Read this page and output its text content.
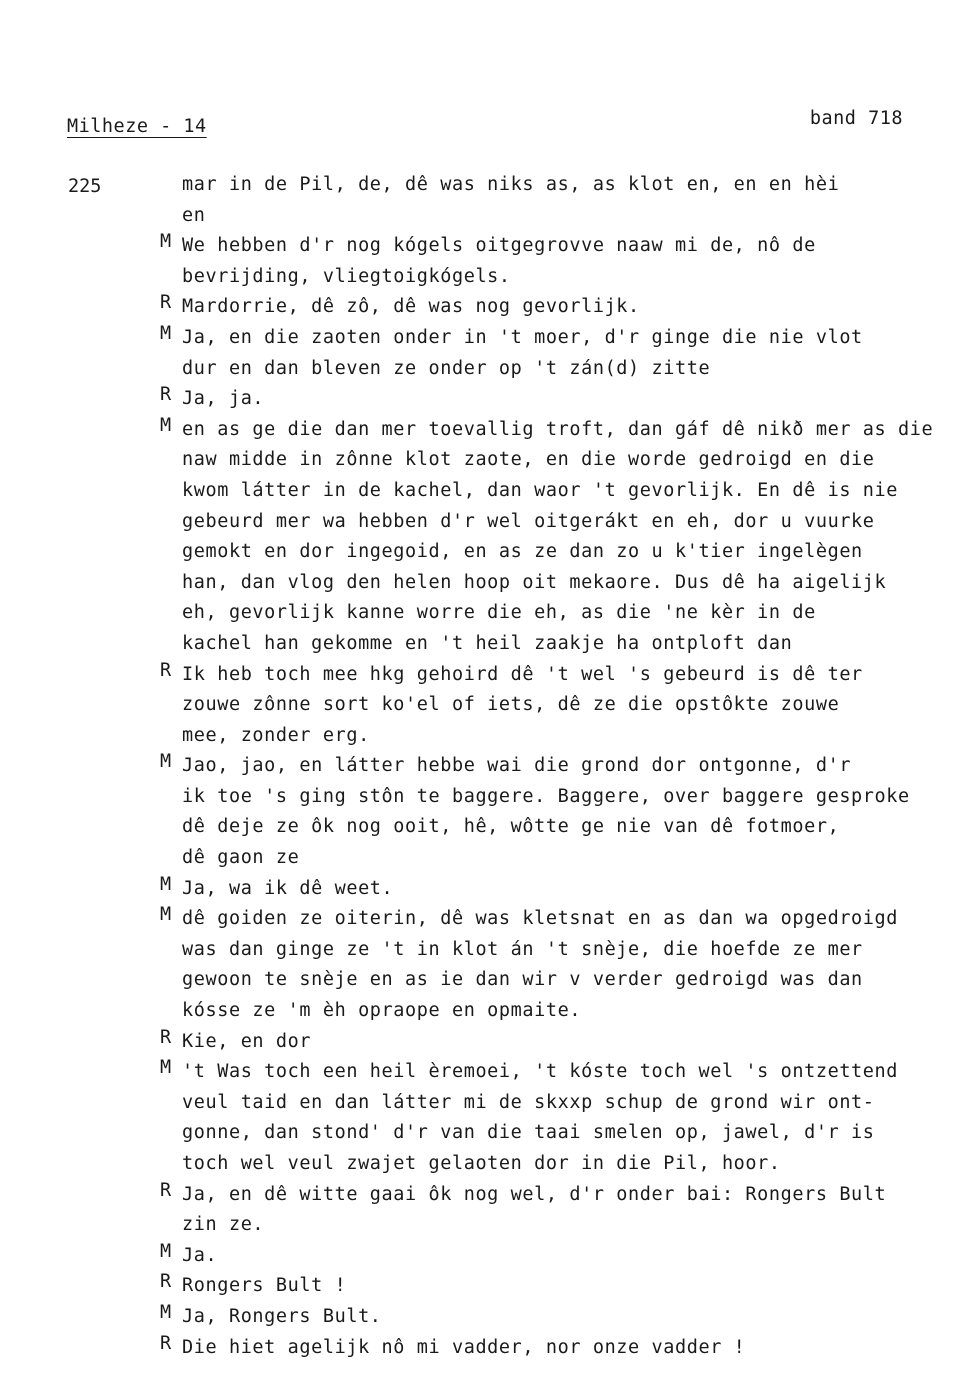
Milheze - 14	band 718
225	mar in de Pil, de, dê was niks as, as klot en, en en hèi
en
M We hebben d'r nog kógels oitgegrovve naaw mi de, nô de
bevrijding, vliegtoigkógels.
R Mardorrie, dê zô, dê was nog gevorlijk.
M Ja, en die zaoten onder in 't moer, d'r ginge die nie vlot
dur en dan bleven ze onder op 't zán(d) zitte
R Ja, ja.
M en as ge die dan mer toevallig troft, dan gáf dê nikð mer as die
naw midde in zônne klot zaote, en die worde gedroigd en die
kwom látter in de kachel, dan waor 't gevorlijk. En dê is nie
gebeurd mer wa hebben d'r wel oitgerákt en eh, dor u vuurke
gemokt en dor ingegoid, en as ze dan zo u k'tier ingelègen
han, dan vlog den helen hoop oit mekaore. Dus dê ha aigelijk
eh, gevorlijk kanne worre die eh, as die 'ne kèr in de
kachel han gekomme en 't heil zaakje ha ontploft dan
R Ik heb toch mee hkg gehoird dê 't wel 's gebeurd is dê ter
zouwe zônne sort ko'el of iets, dê ze die opstôkte zouwe
mee, zonder erg.
M Jao, jao, en látter hebbe wai die grond dor ontgonne, d'r
ik toe 's ging stôn te baggere. Baggere, over baggere gesproke
dê deje ze ôk nog ooit, hê, wôtte ge nie van dê fotmoer,
dê gaon ze
M Ja, wa ik dê weet.
M dê goiden ze oiterin, dê was kletsnat en as dan wa opgedroigd
was dan ginge ze 't in klot án 't snèje, die hoefde ze mer
gewoon te snèje en as ie dan wir v verder gedroigd was dan
kósse ze 'm èh opraope en opmaite.
R Kie, en dor
M 't Was toch een heil èremoei, 't kóste toch wel 's ontzettend
veul taid en dan látter mi de skxxp schup de grond wir ont-
gonne, dan stond' d'r van die taai smelen op, jawel, d'r is
toch wel veul zwajet gelaoten dor in die Pil, hoor.
R Ja, en dê witte gaai ôk nog wel, d'r onder bai: Rongers Bult
zin ze.
M Ja.
R Rongers Bult !
M Ja, Rongers Bult.
R Die hiet agelijk nô mi vadder, nor onze vadder !
